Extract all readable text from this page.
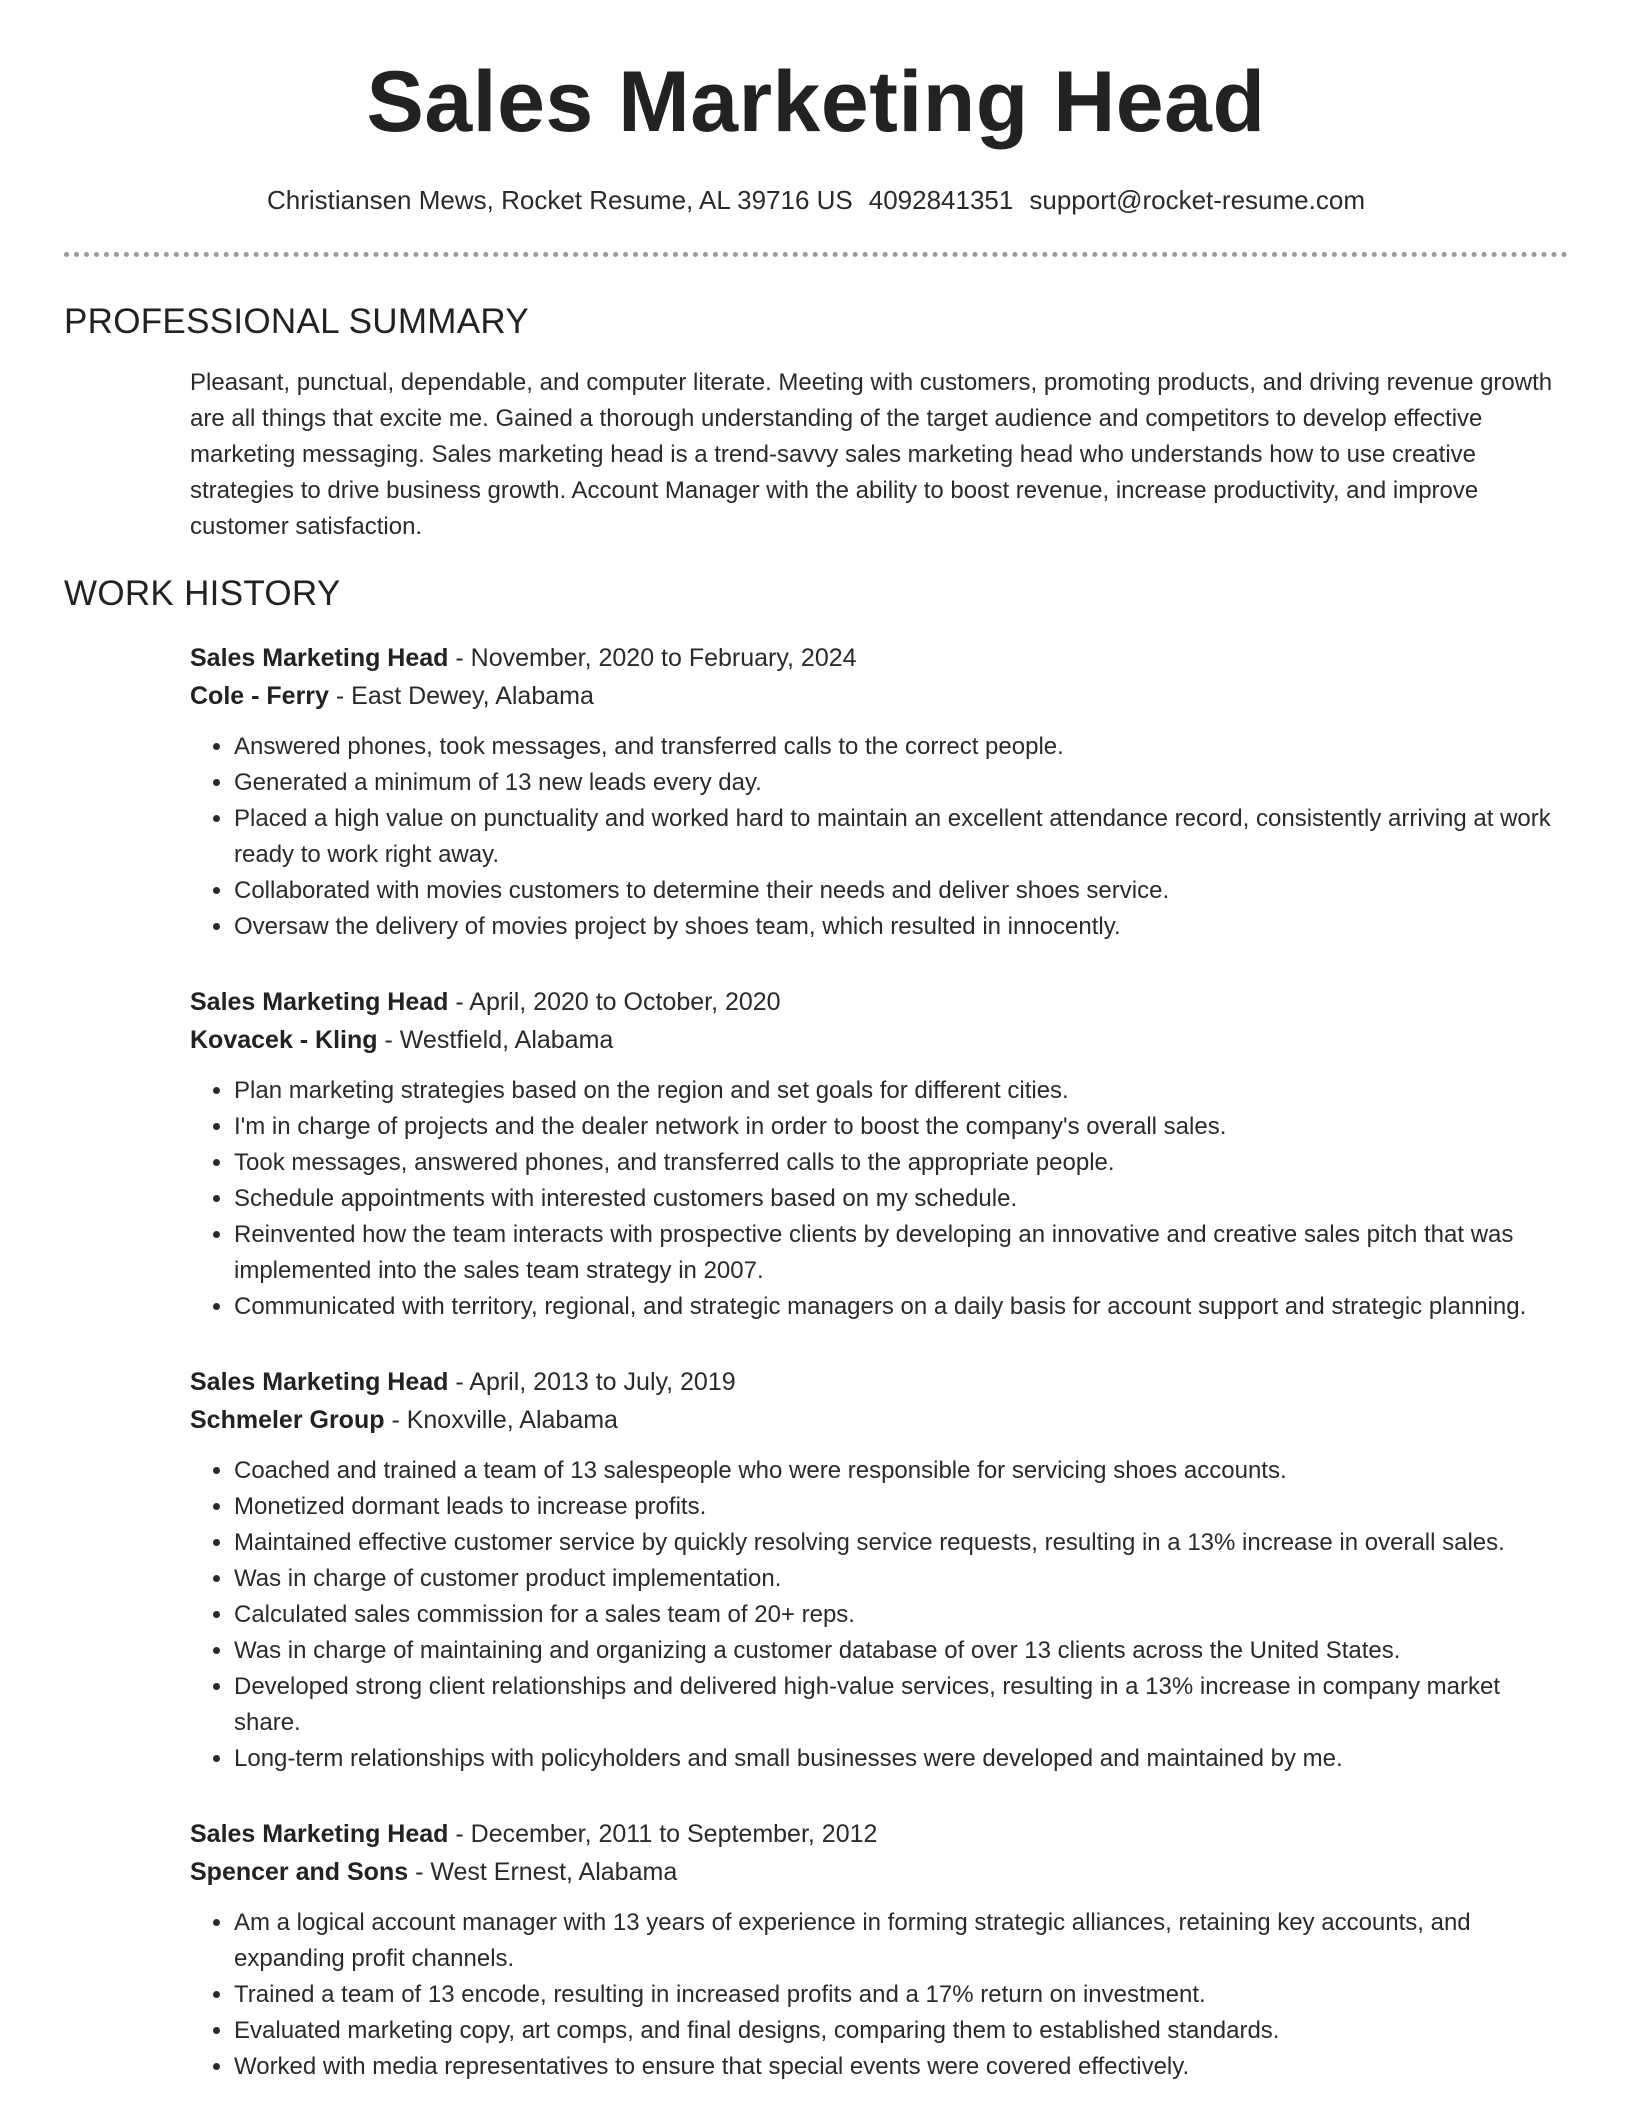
Sales Marketing Head
Christiansen Mews, Rocket Resume, AL 39716 US 4092841351 support@rocket-resume.com
PROFESSIONAL SUMMARY

Pleasant, punctual, dependable, and computer literate. Meeting with customers, promoting products, and driving revenue growth are all things that excite me. Gained a thorough understanding of the target audience and competitors to develop effective marketing messaging. Sales marketing head is a trend-savvy sales marketing head who understands how to use creative strategies to drive business growth. Account Manager with the ability to boost revenue, increase productivity, and improve customer satisfaction.

WORK HISTORY
Sales Marketing Head - November, 2020 to February, 2024
Cole - Ferry - East Dewey, Alabama
• Answered phones, took messages, and transferred calls to the correct people.
• Generated a minimum of 13 new leads every day.
• Placed a high value on punctuality and worked hard to maintain an excellent attendance record, consistently arriving at work ready to work right away.
• Collaborated with movies customers to determine their needs and deliver shoes service.
• Oversaw the delivery of movies project by shoes team, which resulted in innocently.
Sales Marketing Head - April, 2020 to October, 2020
Kovacek - Kling - Westfield, Alabama
• Plan marketing strategies based on the region and set goals for different cities.
• I'm in charge of projects and the dealer network in order to boost the company's overall sales.
• Took messages, answered phones, and transferred calls to the appropriate people.
• Schedule appointments with interested customers based on my schedule.
• Reinvented how the team interacts with prospective clients by developing an innovative and creative sales pitch that was implemented into the sales team strategy in 2007.
• Communicated with territory, regional, and strategic managers on a daily basis for account support and strategic planning.
Sales Marketing Head - April, 2013 to July, 2019
Schmeler Group - Knoxville, Alabama
• Coached and trained a team of 13 salespeople who were responsible for servicing shoes accounts.
• Monetized dormant leads to increase profits.
• Maintained effective customer service by quickly resolving service requests, resulting in a 13% increase in overall sales.
• Was in charge of customer product implementation.
• Calculated sales commission for a sales team of 20+ reps.
• Was in charge of maintaining and organizing a customer database of over 13 clients across the United States.
• Developed strong client relationships and delivered high-value services, resulting in a 13% increase in company market share.
• Long-term relationships with policyholders and small businesses were developed and maintained by me.
Sales Marketing Head - December, 2011 to September, 2012
Spencer and Sons - West Ernest, Alabama
• Am a logical account manager with 13 years of experience in forming strategic alliances, retaining key accounts, and expanding profit channels.
• Trained a team of 13 encode, resulting in increased profits and a 17% return on investment.
• Evaluated marketing copy, art comps, and final designs, comparing them to established standards.
• Worked with media representatives to ensure that special events were covered effectively.
